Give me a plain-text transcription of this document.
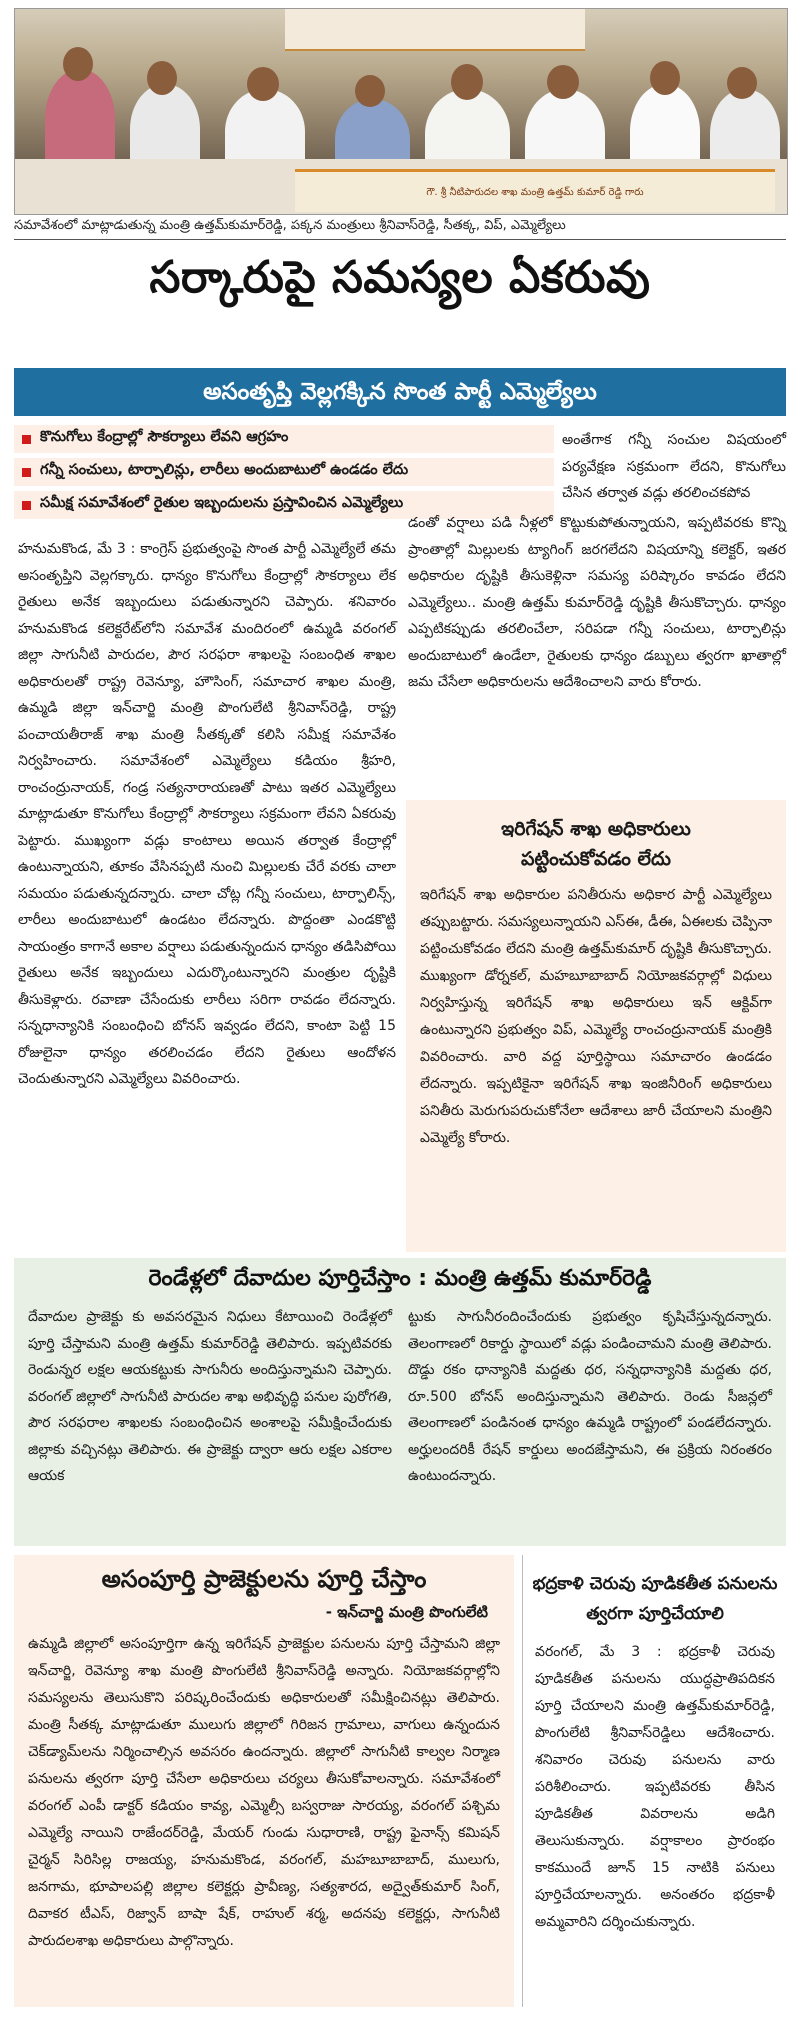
గౌ. శ్రీ నీటిపారుదల శాఖ మంత్రి ఉత్తమ్ కుమార్ రెడ్డి గారు
సమావేశంలో మాట్లాడుతున్న మంత్రి ఉత్తమ్‌కుమార్‌రెడ్డి, పక్కన మంత్రులు శ్రీనివాస్‌రెడ్డి, సీతక్క, విప్‌, ఎమ్మెల్యేలు
సర్కారుపై సమస్యల ఏకరువు
అసంతృప్తి వెల్లగక్కిన సొంత పార్టీ ఎమ్మెల్యేలు
కొనుగోలు కేంద్రాల్లో సౌకర్యాలు లేవని ఆగ్రహం
గన్నీ సంచులు, టార్పాలిన్లు, లారీలు అందుబాటులో ఉండడం లేదు
సమీక్ష సమావేశంలో రైతుల ఇబ్బందులను ప్రస్తావించిన ఎమ్మెల్యేలు

అంతేగాక గన్నీ సంచుల విషయంలో పర్యవేక్షణ సక్రమంగా లేదని, కొనుగోలు చేసిన తర్వాత వడ్లు తరలించకపోవ

హనుమకొండ, మే 3 : కాంగ్రెస్ ప్రభుత్వంపై సొంత పార్టీ ఎమ్మెల్యేలే తమ అసంతృప్తిని వెల్లగక్కారు. ధాన్యం కొనుగోలు కేంద్రాల్లో సౌకర్యాలు లేక రైతులు అనేక ఇబ్బందులు పడుతున్నారని చెప్పారు. శనివారం హనుమకొండ కలెక్టరేట్‌లోని సమావేశ మందిరంలో ఉమ్మడి వరంగల్ జిల్లా సాగునీటి పారుదల, పౌర సరఫరా శాఖలపై సంబంధిత శాఖల అధికారులతో రాష్ట్ర రెవెన్యూ, హౌసింగ్, సమాచార శాఖల మంత్రి, ఉమ్మడి జిల్లా ఇన్‌చార్జి మంత్రి పొంగులేటి శ్రీనివాస్‌రెడ్డి, రాష్ట్ర పంచాయతీరాజ్ శాఖ మంత్రి సీతక్కతో కలిసి సమీక్ష సమావేశం నిర్వహించారు. సమావేశంలో ఎమ్మెల్యేలు కడియం శ్రీహరి, రాంచంద్రునాయక్, గండ్ర సత్యనారాయణతో పాటు ఇతర ఎమ్మెల్యేలు మాట్లాడుతూ కొనుగోలు కేంద్రాల్లో సౌకర్యాలు సక్రమంగా లేవని ఏకరువు పెట్టారు. ముఖ్యంగా వడ్లు కాంటాలు అయిన తర్వాత కేంద్రాల్లో ఉంటున్నాయని, తూకం వేసినప్పటి నుంచి మిల్లులకు చేరే వరకు చాలా సమయం పడుతున్నదన్నారు. చాలా చోట్ల గన్నీ సంచులు, టార్పాలిన్స్, లారీలు అందుబాటులో ఉండటం లేదన్నారు. పొద్దంతా ఎండకొట్టి సాయంత్రం కాగానే అకాల వర్షాలు పడుతున్నందున ధాన్యం తడిసిపోయి రైతులు అనేక ఇబ్బందులు ఎదుర్కొంటున్నారని మంత్రుల దృష్టికి తీసుకెళ్లారు. రవాణా చేసేందుకు లారీలు సరిగా రావడం లేదన్నారు. సన్నధాన్యానికి సంబంధించి బోనస్ ఇవ్వడం లేదని, కాంటా పెట్టి 15 రోజులైనా ధాన్యం తరలించడం లేదని రైతులు ఆందోళన చెందుతున్నారని ఎమ్మెల్యేలు వివరించారు.

డంతో వర్షాలు పడి నీళ్లలో కొట్టుకుపోతున్నాయని, ఇప్పటివరకు కొన్ని ప్రాంతాల్లో మిల్లులకు ట్యాగింగ్ జరగలేదని విషయాన్ని కలెక్టర్, ఇతర అధికారుల దృష్టికి తీసుకెళ్లినా సమస్య పరిష్కారం కావడం లేదని ఎమ్మెల్యేలు.. మంత్రి ఉత్తమ్ కుమార్‌రెడ్డి దృష్టికి తీసుకొచ్చారు. ధాన్యం ఎప్పటికప్పుడు తరలించేలా, సరిపడా గన్నీ సంచులు, టార్పాలిన్లు అందుబాటులో ఉండేలా, రైతులకు ధాన్యం డబ్బులు త్వరగా ఖాతాల్లో జమ చేసేలా అధికారులను ఆదేశించాలని వారు కోరారు.

ఇరిగేషన్ శాఖ అధికారులు పట్టించుకోవడం లేదు
ఇరిగేషన్ శాఖ అధికారుల పనితీరును అధికార పార్టీ ఎమ్మెల్యేలు తప్పుబట్టారు. సమస్యలున్నాయని ఎస్ఈ, డీఈ, ఏఈలకు చెప్పినా పట్టించుకోవడం లేదని మంత్రి ఉత్తమ్‌కుమార్ దృష్టికి తీసుకొచ్చారు. ముఖ్యంగా డోర్నకల్, మహబూబాబాద్ నియోజకవర్గాల్లో విధులు నిర్వహిస్తున్న ఇరిగేషన్ శాఖ అధికారులు ఇన్ ఆక్టివ్‌గా ఉంటున్నారని ప్రభుత్వం విప్, ఎమ్మెల్యే రాంచంద్రునాయక్ మంత్రికి వివరించారు. వారి వద్ద పూర్తిస్థాయి సమాచారం ఉండడం లేదన్నారు. ఇప్పటికైనా ఇరిగేషన్ శాఖ ఇంజినీరింగ్ అధికారులు పనితీరు మెరుగుపరుచుకోనేలా ఆదేశాలు జారీ చేయాలని మంత్రిని ఎమ్మెల్యే కోరారు.
రెండేళ్లలో దేవాదుల పూర్తిచేస్తాం : మంత్రి ఉత్తమ్ కుమార్‌రెడ్డి

దేవాదుల ప్రాజెక్టు కు అవసరమైన నిధులు కేటాయించి రెండేళ్లలో పూర్తి చేస్తామని మంత్రి ఉత్తమ్ కుమార్‌రెడ్డి తెలిపారు. ఇప్పటివరకు రెండున్నర లక్షల ఆయకట్టుకు సాగునీరు అందిస్తున్నామని చెప్పారు. వరంగల్ జిల్లాలో సాగునీటి పారుదల శాఖ అభివృద్ధి పనుల పురోగతి, పౌర సరఫరాల శాఖలకు సంబంధించిన అంశాలపై సమీక్షించేందుకు జిల్లాకు వచ్చినట్లు తెలిపారు. ఈ ప్రాజెక్టు ద్వారా ఆరు లక్షల ఎకరాల ఆయక

ట్టుకు సాగునీరందించేందుకు ప్రభుత్వం కృషిచేస్తున్నదన్నారు. తెలంగాణలో రికార్డు స్థాయిలో వడ్లు పండించామని మంత్రి తెలిపారు. దొడ్డు రకం ధాన్యానికి మద్దతు ధర, సన్నధాన్యానికి మద్దతు ధర, రూ.500 బోనస్ అందిస్తున్నామని తెలిపారు. రెండు సీజన్లలో తెలంగాణలో పండినంత ధాన్యం ఉమ్మడి రాష్ట్రంలో పండలేదన్నారు. అర్హులందరికీ రేషన్ కార్డులు అందజేస్తామని, ఈ ప్రక్రియ నిరంతరం ఉంటుందన్నారు.

అసంపూర్తి ప్రాజెక్టులను పూర్తి చేస్తాం
- ఇన్‌చార్జి మంత్రి పొంగులేటి
ఉమ్మడి జిల్లాలో అసంపూర్తిగా ఉన్న ఇరిగేషన్ ప్రాజెక్టుల పనులను పూర్తి చేస్తామని జిల్లా ఇన్‌చార్జి, రెవెన్యూ శాఖ మంత్రి పొంగులేటి శ్రీనివాస్‌రెడ్డి అన్నారు. నియోజకవర్గాల్లోని సమస్యలను తెలుసుకొని పరిష్కరించేందుకు అధికారులతో సమీక్షించినట్లు తెలిపారు. మంత్రి సీతక్క మాట్లాడుతూ ములుగు జిల్లాలో గిరిజన గ్రామాలు, వాగులు ఉన్నందున చెక్‌డ్యామ్‌లను నిర్మించాల్సిన అవసరం ఉందన్నారు. జిల్లాలో సాగునీటి కాల్వల నిర్మాణ పనులను త్వరగా పూర్తి చేసేలా అధికారులు చర్యలు తీసుకోవాలన్నారు. సమావేశంలో వరంగల్ ఎంపీ డాక్టర్ కడియం కావ్య, ఎమ్మెల్సీ బస్వరాజు సారయ్య, వరంగల్ పశ్చిమ ఎమ్మెల్యే నాయిని రాజేందర్‌రెడ్డి, మేయర్ గుండు సుధారాణి, రాష్ట్ర ఫైనాన్స్ కమిషన్ చైర్మన్ సిరిసిల్ల రాజయ్య, హనుమకొండ, వరంగల్, మహబూబాబాద్, ములుగు, జనగామ, భూపాలపల్లి జిల్లాల కలెక్టర్లు ప్రావీణ్య, సత్యశారద, అద్వైత్‌కుమార్ సింగ్, దివాకర టీఎస్, రిజ్వాన్ బాషా షేక్, రాహుల్ శర్మ, అదనపు కలెక్టర్లు, సాగునీటి పారుదలశాఖ అధికారులు పాల్గొన్నారు.
భద్రకాళి చెరువు పూడికతీత పనులను త్వరగా పూర్తిచేయాలి
వరంగల్, మే 3 : భద్రకాళీ చెరువు పూడికతీత పనులను యుద్ధప్రాతిపదికన పూర్తి చేయాలని మంత్రి ఉత్తమ్‌కుమార్‌రెడ్డి, పొంగులేటి శ్రీనివాస్‌రెడ్డిలు ఆదేశించారు. శనివారం చెరువు పనులను వారు పరిశీలించారు. ఇప్పటివరకు తీసిన పూడికతీత వివరాలను అడిగి తెలుసుకున్నారు. వర్షాకాలం ప్రారంభం కాకముందే జూన్ 15 నాటికి పనులు పూర్తిచేయాలన్నారు. అనంతరం భద్రకాళీ అమ్మవారిని దర్శించుకున్నారు.
